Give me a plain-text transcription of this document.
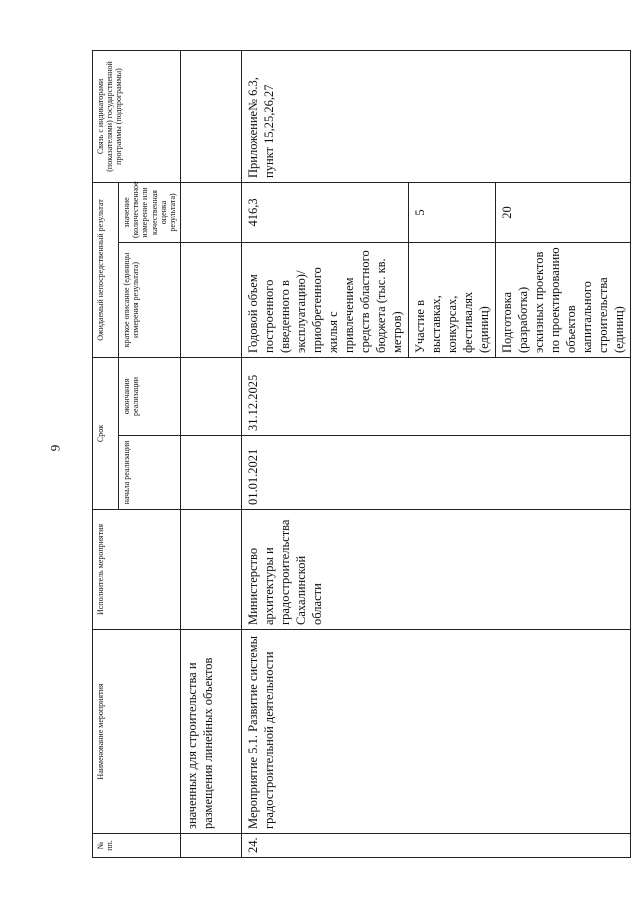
9
№ пп.	Наименование мероприятия	Исполнитель мероприятия	Срок		Ожидаемый непосредственный результат		Связь с индикаторами (показателями) государственной программы (подпрограммы)
			начала реализации	окончания реализации	краткое описание (единицы измерения результата)	значение (количественное измерение или качественная оценка результата)	
	значенных для строительства и размещения линейных объектов						
24.	Мероприятие 5.1. Развитие системы градостроительной деятельности	Министерство архитектуры и градостроительства Сахалинской области	01.01.2021	31.12.2025	Годовой объем построенного (введенного в эксплуатацию)/ приобретенного жилья с привлечением средств областного бюджета (тыс. кв. метров)	416,3	Приложение№ 6.3, пункт 15,25,26,27
					Участие в выставках, конкурсах, фестивалях (единиц)	5	
					Подготовка (разработка) эскизных проектов по проектированию объектов капитального строительства (единиц)	20	
